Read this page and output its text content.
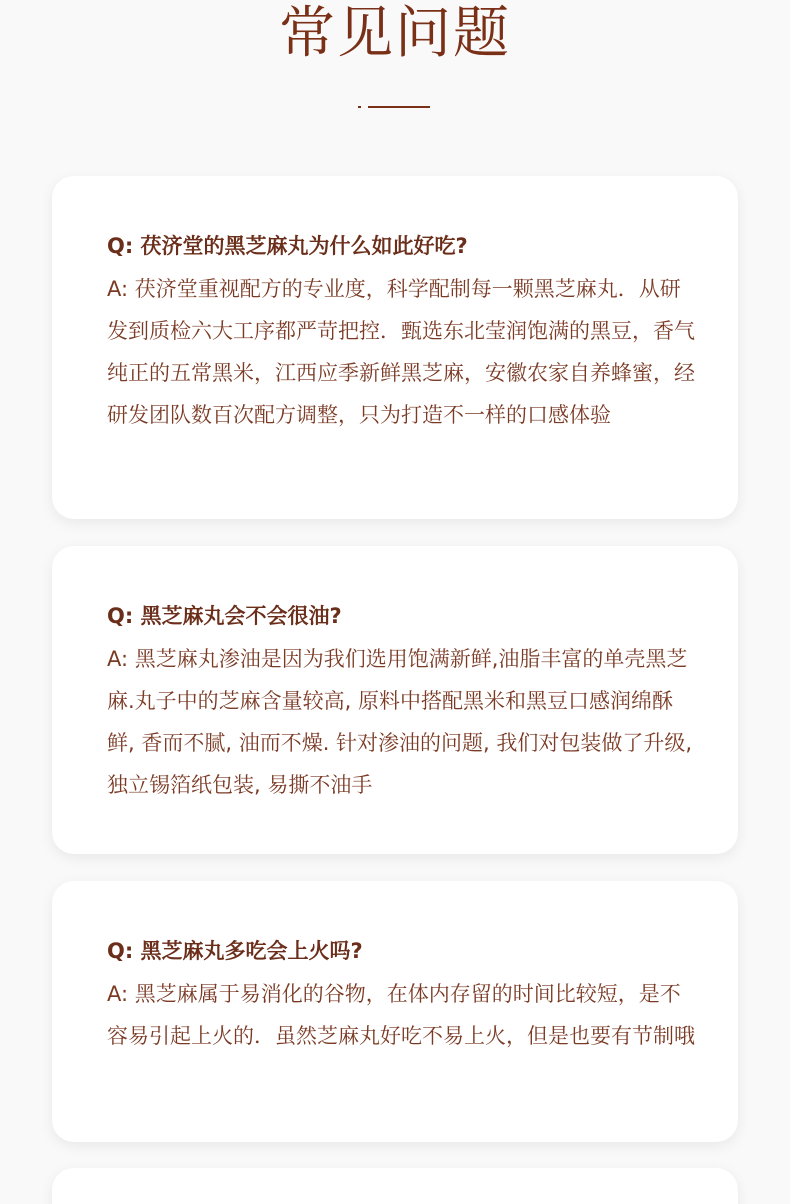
常见问题

Q: 茯济堂的黑芝麻丸为什么如此好吃?

A: 茯济堂重视配方的专业度，科学配制每一颗黑芝麻丸．从研发到质检六大工序都严苛把控．甄选东北莹润饱满的黑豆，香气纯正的五常黑米，江西应季新鲜黑芝麻，安徽农家自养蜂蜜，经研发团队数百次配方调整，只为打造不一样的口感体验

Q: 黑芝麻丸会不会很油?

A: 黑芝麻丸渗油是因为我们选用饱满新鲜,油脂丰富的单壳黑芝麻.丸子中的芝麻含量较高, 原料中搭配黑米和黑豆口感润绵酥鲜, 香而不腻, 油而不燥. 针对渗油的问题, 我们对包装做了升级, 独立锡箔纸包装, 易撕不油手

Q: 黑芝麻丸多吃会上火吗?

A: 黑芝麻属于易消化的谷物，在体内存留的时间比较短，是不容易引起上火的．虽然芝麻丸好吃不易上火，但是也要有节制哦
